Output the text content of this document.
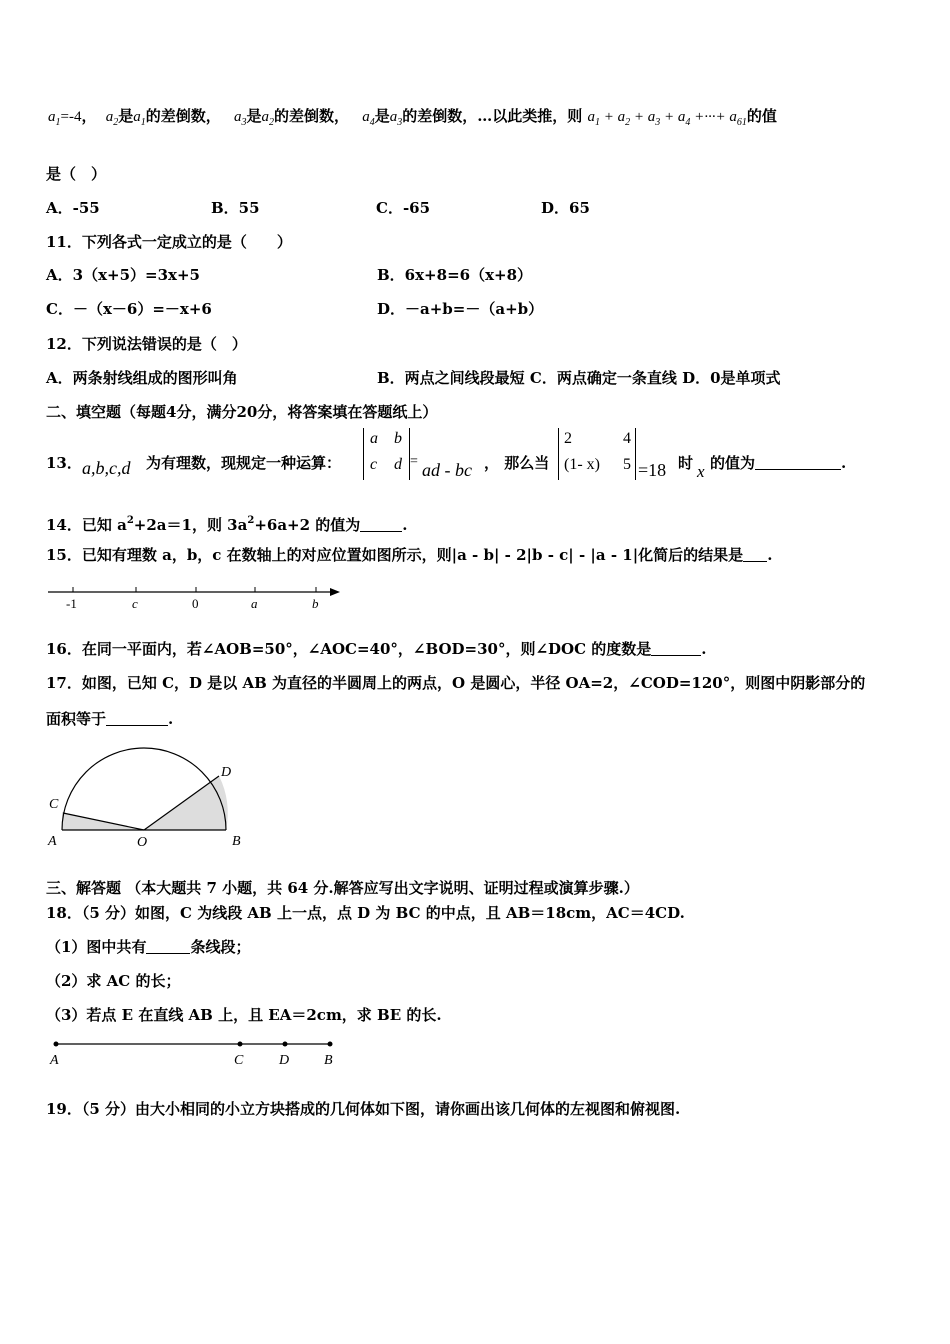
$a_1=-4$， $a_2$是$a_1$的差倒数， $a_3$是$a_2$的差倒数， $a_4$是$a_3$的差倒数，…以此类推，则 $a_1 + a_2 + a_3 + a_4$ +···+ $a_{61}$的值
是（　）
A．-55	B．55	C．-65	D．65
11．下列各式一定成立的是（　　）
A．3（x+5）=3x+5	B．6x+8=6（x+8）
C．－（x－6）=－x+6	D．－a+b=－（a+b）
12．下列说法错误的是（　）
A．两条射线组成的图形叫角	B．两点之间线段最短 C．两点确定一条直线 D．0是单项式
二、填空题（每题4分，满分20分，将答案填在答题纸上）
13． a,b,c,d 为有理数，现规定一种运算：
a b
c d = ad - bc ， 那么当
2	4
(1- x) 5 =18 时 x 的值为	.
14．已知 $a^2+2a=1$，则 $3a^2+6a+2$ 的值为	.
15．已知有理数 a，b，c 在数轴上的对应位置如图所示，则|a - b| - 2|b - c| - |a - 1|化简后的结果是 .
-1	c	0	a	b
16．在同一平面内，若∠AOB=50°，∠AOC=40°，∠BOD=30°，则∠DOC 的度数是	.
17．如图，已知 C，D 是以 AB 为直径的半圆周上的两点，O 是圆心，半径 OA=2，∠COD=120°，则图中阴影部分的
面积等于	.
C
D
A	O	B
三、解答题 （本大题共 7 小题，共 64 分.解答应写出文字说明、证明过程或演算步骤.）
18．（5 分）如图，C 为线段 AB 上一点，点 D 为 BC 的中点，且 AB＝18cm，AC＝4CD.
（1）图中共有	条线段；
（2）求 AC 的长；
（3）若点 E 在直线 AB 上，且 EA＝2cm，求 BE 的长.
A	C	D B
19．（5 分）由大小相同的小立方块搭成的几何体如下图，请你画出该几何体的左视图和俯视图.
